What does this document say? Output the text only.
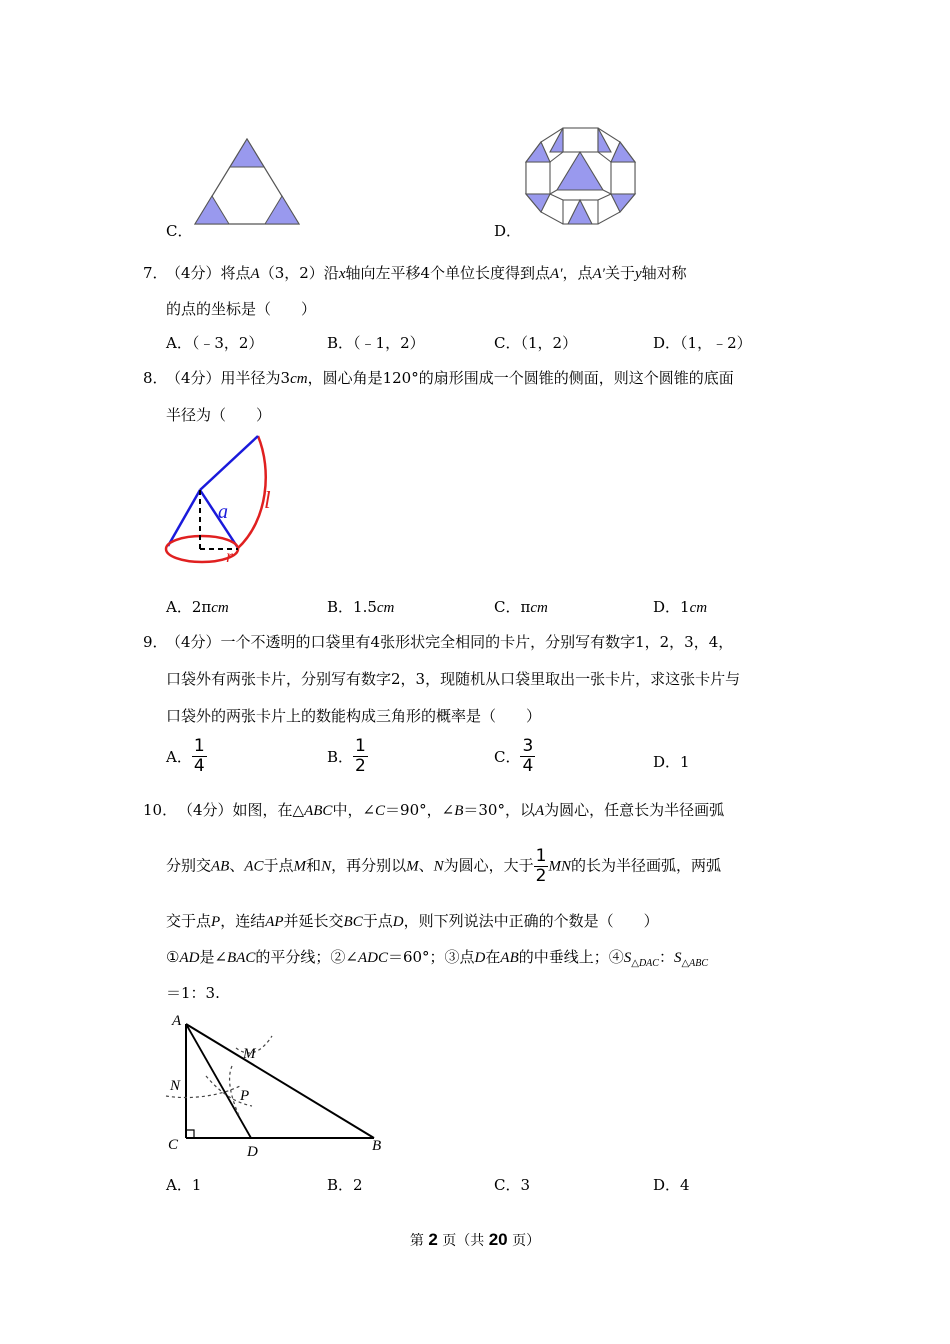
C．	D．
7．
（4分）将点A（3，2）沿x轴向左平移4个单位长度得到点A′，点A′关于y轴对称
的点的坐标是（　　）
A．（﹣3，2）	B．（﹣1，2）	C．（1，2）	D．（1，﹣2）
8．
（4分）用半径为3cm，圆心角是120°的扇形围成一个圆锥的侧面，则这个圆锥的底面
半径为（　　）
a l
r
A．2πcm	B．1.5cm	C．πcm	D．1cm
9．
（4分）一个不透明的口袋里有4张形状完全相同的卡片，分别写有数字1，2，3，4，
口袋外有两张卡片，分别写有数字2，3，现随机从口袋里取出一张卡片，求这张卡片与
口袋外的两张卡片上的数能构成三角形的概率是（　　）
A． $\frac{1}{4}$	B． $\frac{1}{2}$	C． $\frac{3}{4}$	D．1
10． （4分）如图，在△ABC中，∠C＝90°，∠B＝30°，以A为圆心，任意长为半径画弧
分别交AB、AC于点M和N，再分别以M、N为圆心，大于 $\frac{1}{2}$ MN的长为半径画弧，两弧
交于点P，连结AP并延长交BC于点D，则下列说法中正确的个数是（　　）
①AD是∠BAC的平分线；②∠ADC＝60°；③点D在AB的中垂线上；$④S_{\triangle DAC}$：$S_{\triangle ABC}$
＝1：3.
A
B
C	D
M
N
P
A．1	B．2	C．3	D．4
第 2 页（共 20 页）
